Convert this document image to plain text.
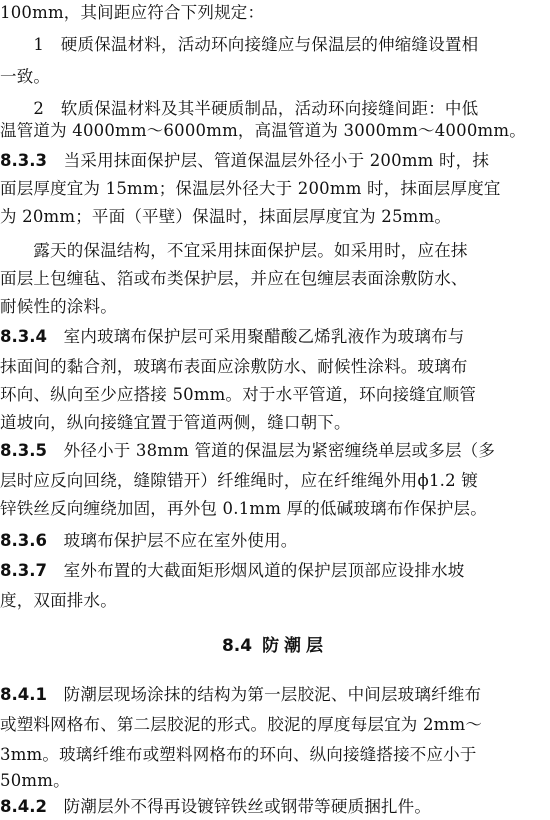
100mm，其间距应符合下列规定：
　　1　硬质保温材料，活动环向接缝应与保温层的伸缩缝设置相
一致。
　　2　软质保温材料及其半硬质制品，活动环向接缝间距：中低
温管道为 4000mm～6000mm，高温管道为 3000mm～4000mm。
8.3.3　当采用抹面保护层、管道保温层外径小于 200mm 时，抹
面层厚度宜为 15mm；保温层外径大于 200mm 时，抹面层厚度宜
为 20mm；平面（平壁）保温时，抹面层厚度宜为 25mm。
　　露天的保温结构，不宜采用抹面保护层。如采用时，应在抹
面层上包缠毡、箔或布类保护层，并应在包缠层表面涂敷防水、
耐候性的涂料。
8.3.4　室内玻璃布保护层可采用聚醋酸乙烯乳液作为玻璃布与
抹面间的黏合剂，玻璃布表面应涂敷防水、耐候性涂料。玻璃布
环向、纵向至少应搭接 50mm。对于水平管道，环向接缝宜顺管
道坡向，纵向接缝宜置于管道两侧，缝口朝下。
8.3.5　外径小于 38mm 管道的保温层为紧密缠绕单层或多层（多
层时应反向回绕，缝隙错开）纤维绳时，应在纤维绳外用ϕ1.2 镀
锌铁丝反向缠绕加固，再外包 0.1mm 厚的低碱玻璃布作保护层。
8.3.6　玻璃布保护层不应在室外使用。
8.3.7　室外布置的大截面矩形烟风道的保护层顶部应设排水坡
度，双面排水。
8.4 防潮层
8.4.1　防潮层现场涂抹的结构为第一层胶泥、中间层玻璃纤维布
或塑料网格布、第二层胶泥的形式。胶泥的厚度每层宜为 2mm～
3mm。玻璃纤维布或塑料网格布的环向、纵向接缝搭接不应小于
50mm。
8.4.2　防潮层外不得再设镀锌铁丝或钢带等硬质捆扎件。
